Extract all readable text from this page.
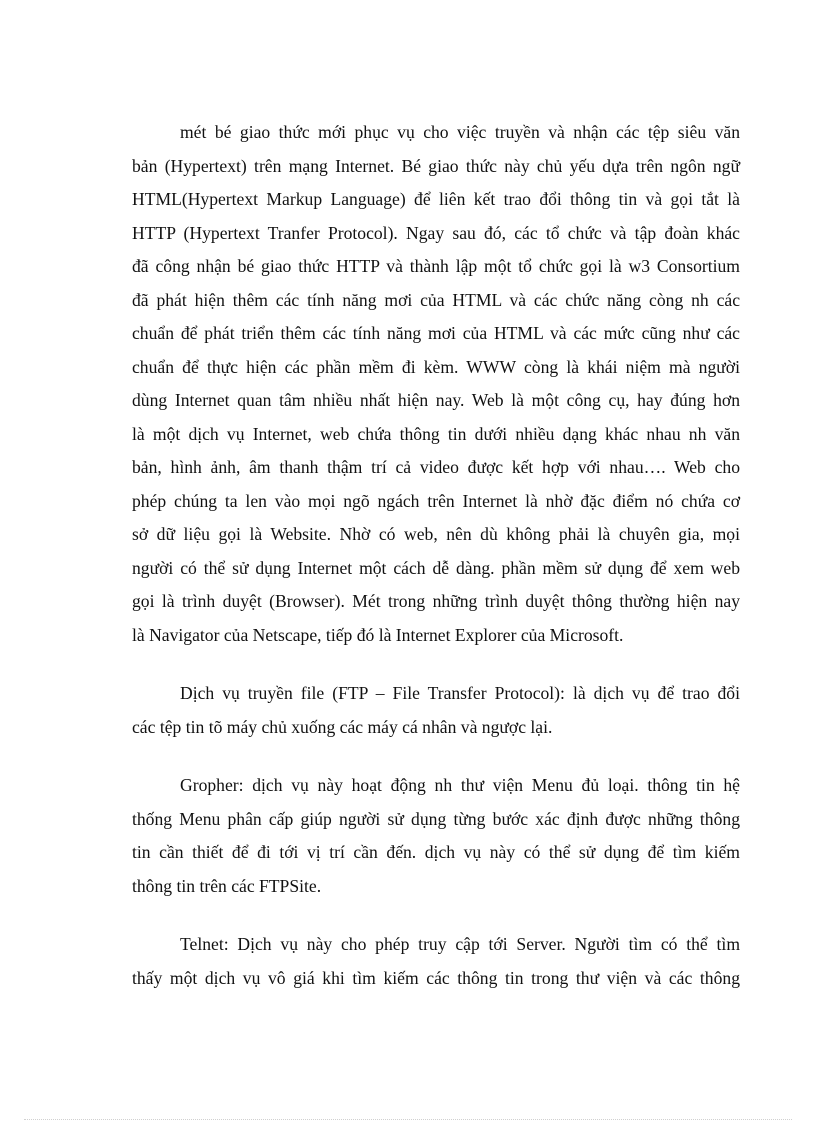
mét bé giao thức mới phục vụ cho việc truyền và nhận các tệp siêu văn
bản (Hypertext) trên mạng Internet. Bé giao thức này chủ yếu dựa trên ngôn ngữ
HTML(Hypertext Markup Language) để liên kết trao đổi thông tin và gọi tắt là
HTTP (Hypertext Tranfer Protocol). Ngay sau đó, các tổ chức và tập đoàn khác
đã công nhận bé giao thức HTTP và thành lập một tổ chức gọi là w3 Consortium
đã phát hiện thêm các tính năng mơi của HTML và các chức năng còng nh các
chuẩn để phát triển thêm các tính năng mơi của HTML và các mức cũng như các
chuẩn để thực hiện các phần mềm đi kèm. WWW còng là khái niệm mà người
dùng Internet quan tâm nhiều nhất hiện nay. Web là một công cụ, hay đúng hơn
là một dịch vụ Internet, web chứa thông tin dưới nhiều dạng khác nhau nh văn
bản, hình ảnh, âm thanh thậm trí cả video được kết hợp với nhau…. Web cho
phép chúng ta len vào mọi ngõ ngách trên Internet là nhờ đặc điểm nó chứa cơ
sở dữ liệu gọi là Website. Nhờ có web, nên dù không phải là chuyên gia, mọi
người có thể sử dụng Internet một cách dễ dàng. phần mềm sử dụng để xem web
gọi là trình duyệt (Browser). Mét trong những trình duyệt thông thường hiện nay
là Navigator của Netscape, tiếp đó là Internet Explorer của Microsoft.
Dịch vụ truyền file (FTP – File Transfer Protocol): là dịch vụ để trao đổi
các tệp tin tõ máy chủ xuống các máy cá nhân và ngược lại.
Gropher: dịch vụ này hoạt động nh thư viện Menu đủ loại. thông tin hệ
thống Menu phân cấp giúp người sử dụng từng bước xác định được những thông
tin cần thiết để đi tới vị trí cần đến. dịch vụ này có thể sử dụng để tìm kiếm
thông tin trên các FTPSite.
Telnet: Dịch vụ này cho phép truy cập tới Server. Người tìm có thể tìm
thấy một dịch vụ vô giá khi tìm kiếm các thông tin trong thư viện và các thông
